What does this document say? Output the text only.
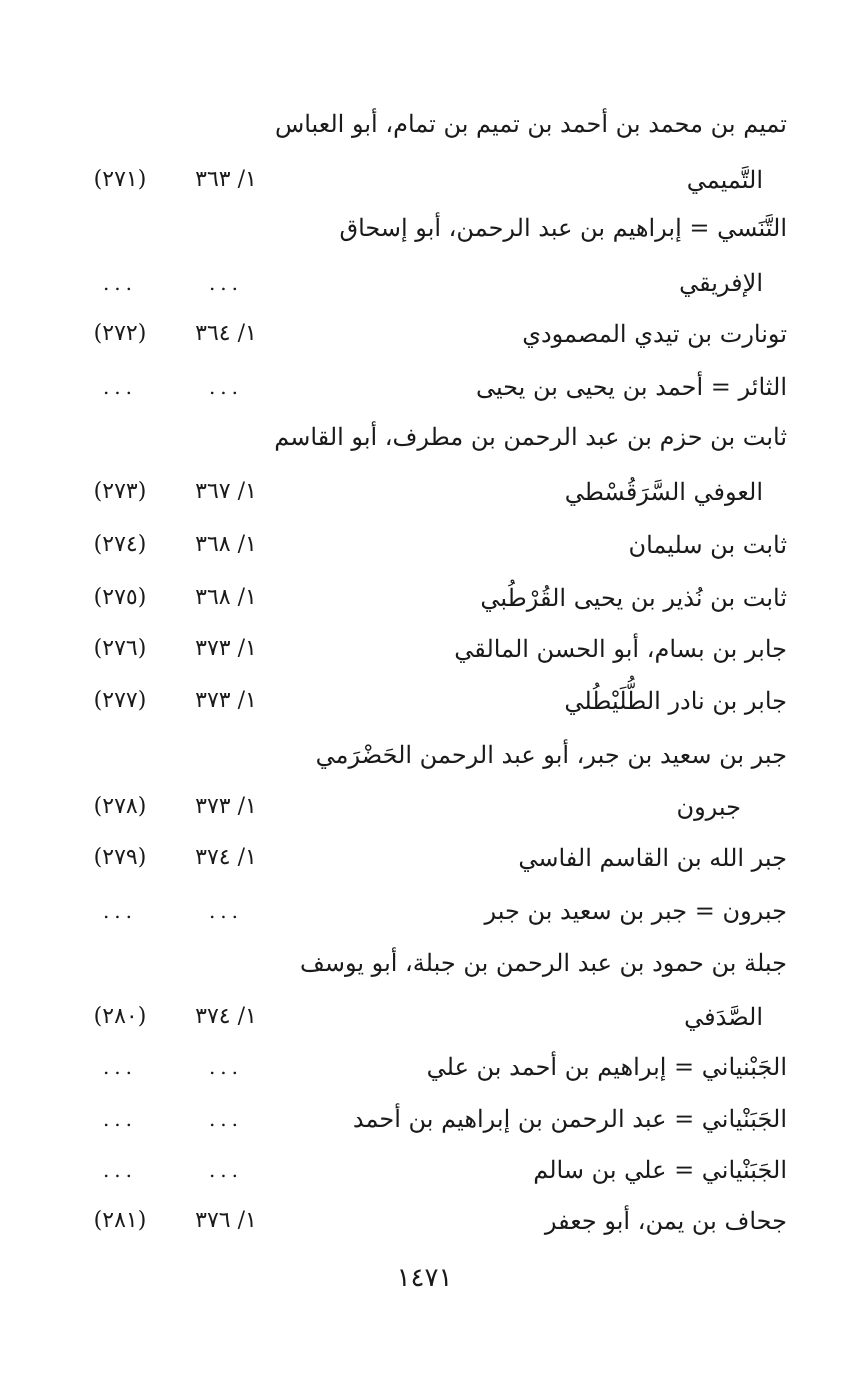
تميم بن محمد بن أحمد بن تميم بن تمام، أبو العباس
التَّميمي
١/ ٣٦٣
(٢٧١)
التَّنَسي = إبراهيم بن عبد الرحمن، أبو إسحاق
الإفريقي
...
...
تونارت بن تيدي المصمودي
١/ ٣٦٤
(٢٧٢)
الثائر = أحمد بن يحيى بن يحيى
...
...
ثابت بن حزم بن عبد الرحمن بن مطرف، أبو القاسم
العوفي السَّرَقُسْطي
١/ ٣٦٧
(٢٧٣)
ثابت بن سليمان
١/ ٣٦٨
(٢٧٤)
ثابت بن نُذير بن يحيى القُرْطُبي
١/ ٣٦٨
(٢٧٥)
جابر بن بسام، أبو الحسن المالقي
١/ ٣٧٣
(٢٧٦)
جابر بن نادر الطُّلَيْطُلي
١/ ٣٧٣
(٢٧٧)
جبر بن سعيد بن جبر، أبو عبد الرحمن الحَضْرَمي
جبرون
١/ ٣٧٣
(٢٧٨)
جبر الله بن القاسم الفاسي
١/ ٣٧٤
(٢٧٩)
جبرون = جبر بن سعيد بن جبر
...
...
جبلة بن حمود بن عبد الرحمن بن جبلة، أبو يوسف
الصَّدَفي
١/ ٣٧٤
(٢٨٠)
الجَبْنياني = إبراهيم بن أحمد بن علي
...
...
الجَبَنْياني = عبد الرحمن بن إبراهيم بن أحمد
...
...
الجَبَنْياني = علي بن سالم
...
...
جحاف بن يمن، أبو جعفر
١/ ٣٧٦
(٢٨١)
١٤٧١
